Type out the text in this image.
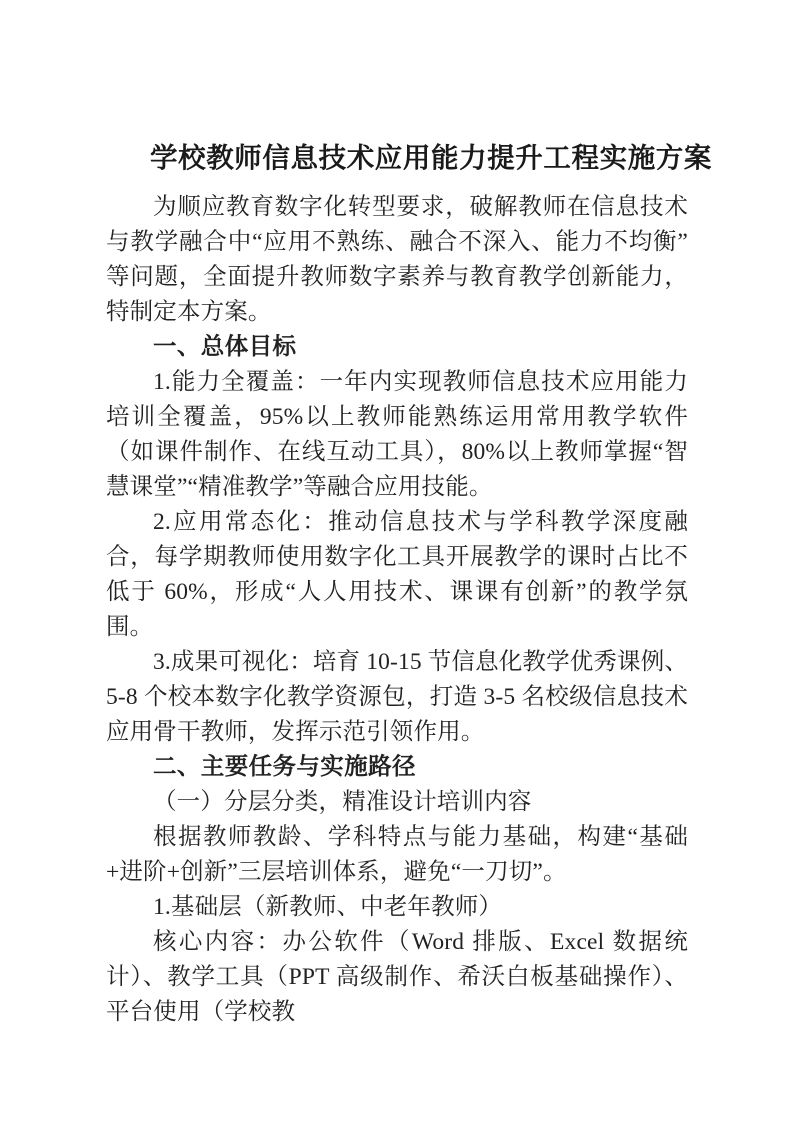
学校教师信息技术应用能力提升工程实施方案

为顺应教育数字化转型要求，破解教师在信息技术与教学融合中“应用不熟练、融合不深入、能力不均衡”等问题，全面提升教师数字素养与教育教学创新能力，特制定本方案。

一、总体目标

1.能力全覆盖：一年内实现教师信息技术应用能力培训全覆盖，95%以上教师能熟练运用常用教学软件（如课件制作、在线互动工具），80%以上教师掌握“智慧课堂”“精准教学”等融合应用技能。

2.应用常态化：推动信息技术与学科教学深度融合，每学期教师使用数字化工具开展教学的课时占比不低于 60%，形成“人人用技术、课课有创新”的教学氛围。

3.成果可视化：培育 10-15 节信息化教学优秀课例、5-8 个校本数字化教学资源包，打造 3-5 名校级信息技术应用骨干教师，发挥示范引领作用。

二、主要任务与实施路径

（一）分层分类，精准设计培训内容

根据教师教龄、学科特点与能力基础，构建“基础+进阶+创新”三层培训体系，避免“一刀切”。

1.基础层（新教师、中老年教师）

核心内容：办公软件（Word 排版、Excel 数据统计）、教学工具（PPT 高级制作、希沃白板基础操作）、平台使用（学校教
